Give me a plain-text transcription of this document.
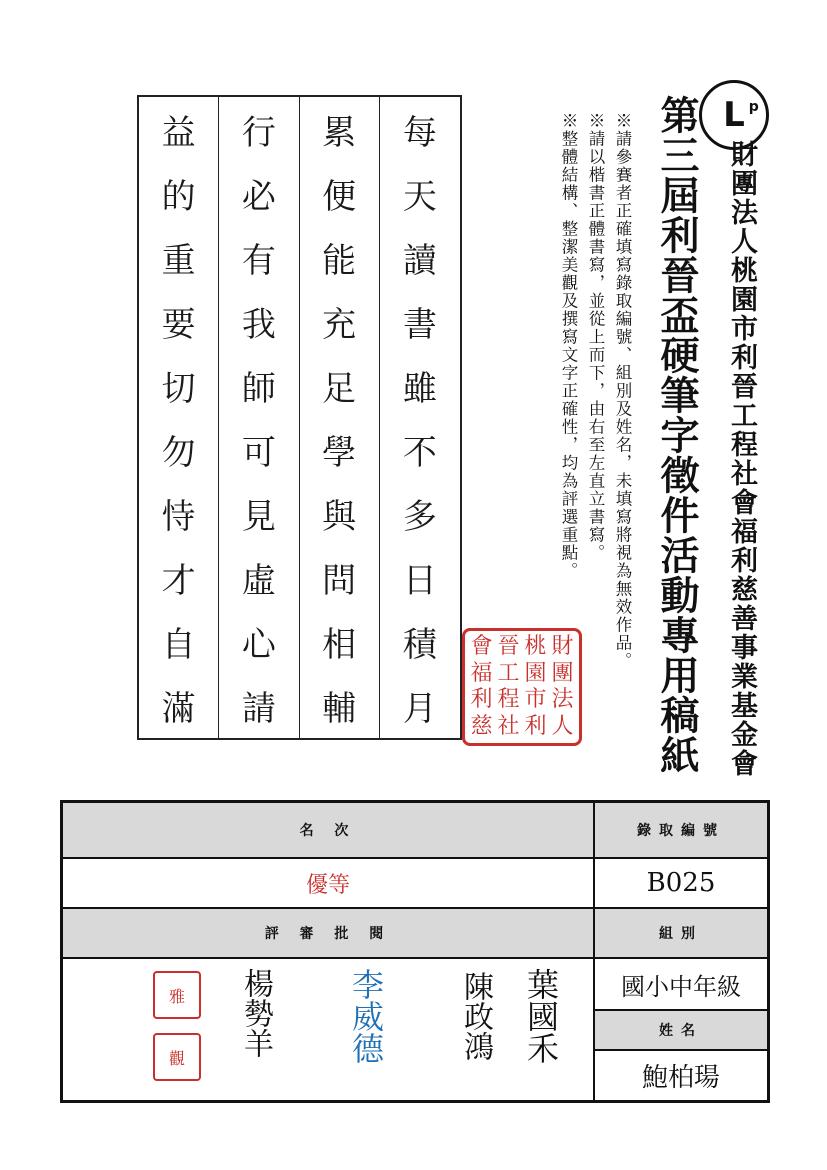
L p
財團法人桃園市利晉工程社會福利慈善事業基金會
第三屆利晉盃硬筆字徵件活動專用稿紙
※請參賽者正確填寫錄取編號、組別及姓名，未填寫將視為無效作品。
※請以楷書正體書寫，並從上而下，由右至左直立書寫。
※整體結構、整潔美觀及撰寫文字正確性，均為評選重點。
益	行	累	每
的	必	便	天
重	有	能	讀
要	我	充	書
切	師	足	雖
勿	可	學	不
恃	見	與	多
才	虛	問	日
自	心	相	積
滿	請	輔	月
會 晉 桃 財
福 工 園 團
利 程 市 法
慈 社 利 人
名 次	錄取編號
優等	B025
評 審 批 閱	組別
國小中年級
姓名
鮑柏瑒
雅
觀	楊勢羊 李威德 陳政鴻 葉國禾
